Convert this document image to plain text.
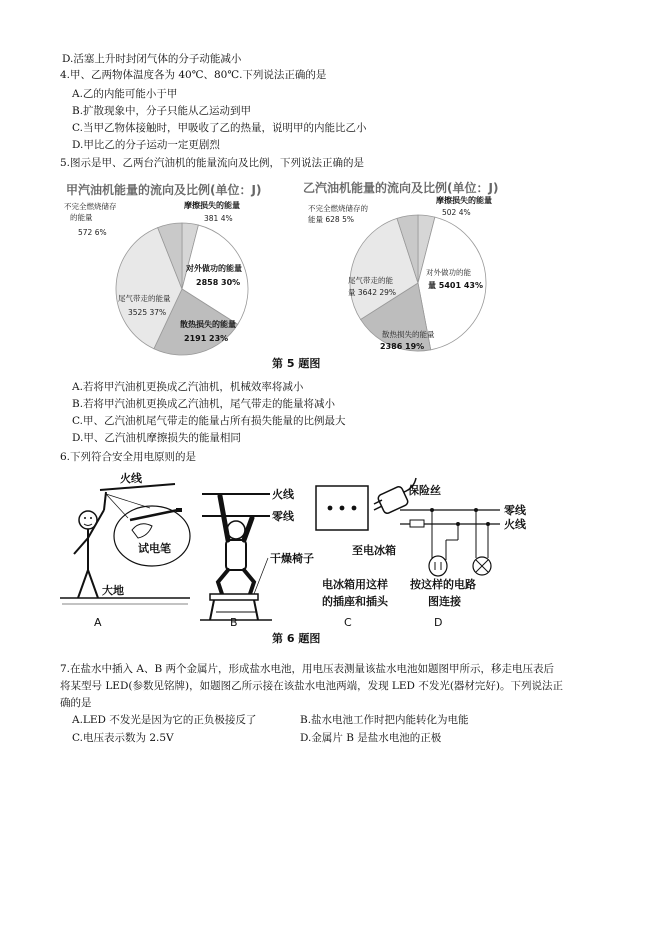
D.活塞上升时封闭气体的分子动能减小
4.甲、乙两物体温度各为 40℃、80℃.下列说法正确的是
A.乙的内能可能小于甲
B.扩散现象中，分子只能从乙运动到甲
C.当甲乙物体接触时，甲吸收了乙的热量，说明甲的内能比乙小
D.甲比乙的分子运动一定更剧烈
5.图示是甲、乙两台汽油机的能量流向及比例，下列说法正确的是
甲汽油机能量的流向及比例(单位：J)	乙汽油机能量的流向及比例(单位：J)
不完全燃烧储存
的能量
572 6%
摩擦损失的能量
381 4%
对外做功的能量
2858 30%
尾气带走的能量
3525 37%
散热损失的能量
2191 23%
不完全燃烧储存的
能量 628 5%
摩擦损失的能量
502 4%
对外做功的能
量 5401 43%
尾气带走的能
量 3642 29%
散热损失的能量
2386 19%
第 5 题图
A.若将甲汽油机更换成乙汽油机，机械效率将减小
B.若将甲汽油机更换成乙汽油机，尾气带走的能量将减小
C.甲、乙汽油机尾气带走的能量占所有损失能量的比例最大
D.甲、乙汽油机摩擦损失的能量相同
6.下列符合安全用电原则的是
火线
大地
试电笔
A
火线
零线
干燥椅子
B
至电冰箱
电冰箱用这样
的插座和插头
C
保险丝
零线
火线
按这样的电路
图连接
D
第 6 题图
7.在盐水中插入 A、B 两个金属片，形成盐水电池，用电压表测量该盐水电池如题图甲所示，移走电压表后
将某型号 LED(参数见铭牌)，如题图乙所示接在该盐水电池两端，发现 LED 不发光(器材完好)。下列说法正
确的是
A.LED 不发光是因为它的正负极接反了	B.盐水电池工作时把内能转化为电能
C.电压表示数为 2.5V	D.金属片 B 是盐水电池的正极
